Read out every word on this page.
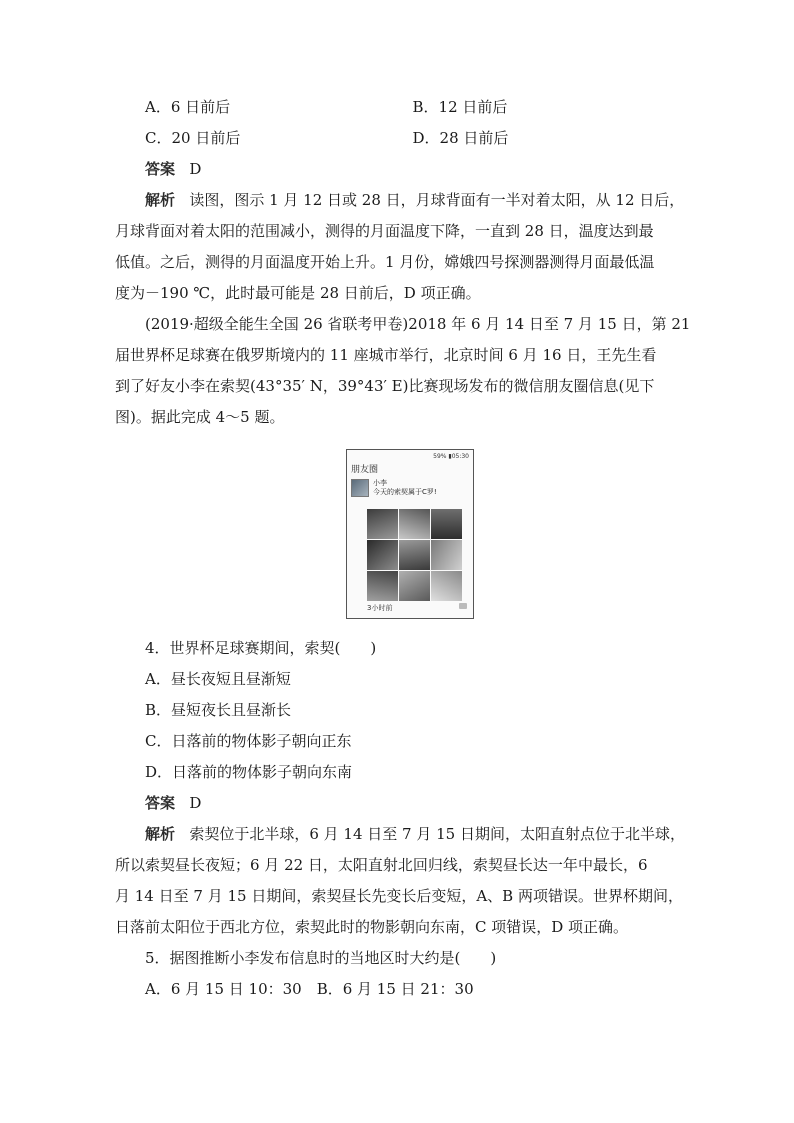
A．6 日前后	B．12 日前后
C．20 日前后	D．28 日前后
答案 D
解析 读图，图示 1 月 12 日或 28 日，月球背面有一半对着太阳，从 12 日后，
月球背面对着太阳的范围减小，测得的月面温度下降，一直到 28 日，温度达到最
低值。之后，测得的月面温度开始上升。1 月份，嫦娥四号探测器测得月面最低温
度为－190 ℃，此时最可能是 28 日前后，D 项正确。
(2019·超级全能生全国 26 省联考甲卷)2018 年 6 月 14 日至 7 月 15 日，第 21
届世界杯足球赛在俄罗斯境内的 11 座城市举行，北京时间 6 月 16 日，王先生看
到了好友小李在索契(43°35′ N，39°43′ E)比赛现场发布的微信朋友圈信息(见下
图)。据此完成 4～5 题。
59% ▮05:30
朋友圈
小李
今天的索契属于C罗!
3小时前
4．世界杯足球赛期间，索契(　　)
A．昼长夜短且昼渐短
B．昼短夜长且昼渐长
C．日落前的物体影子朝向正东
D．日落前的物体影子朝向东南
答案 D
解析 索契位于北半球，6 月 14 日至 7 月 15 日期间，太阳直射点位于北半球，
所以索契昼长夜短；6 月 22 日，太阳直射北回归线，索契昼长达一年中最长，6
月 14 日至 7 月 15 日期间，索契昼长先变长后变短，A、B 两项错误。世界杯期间，
日落前太阳位于西北方位，索契此时的物影朝向东南，C 项错误，D 项正确。
5．据图推断小李发布信息时的当地区时大约是(　　)
A．6 月 15 日 10：30　B．6 月 15 日 21：30
